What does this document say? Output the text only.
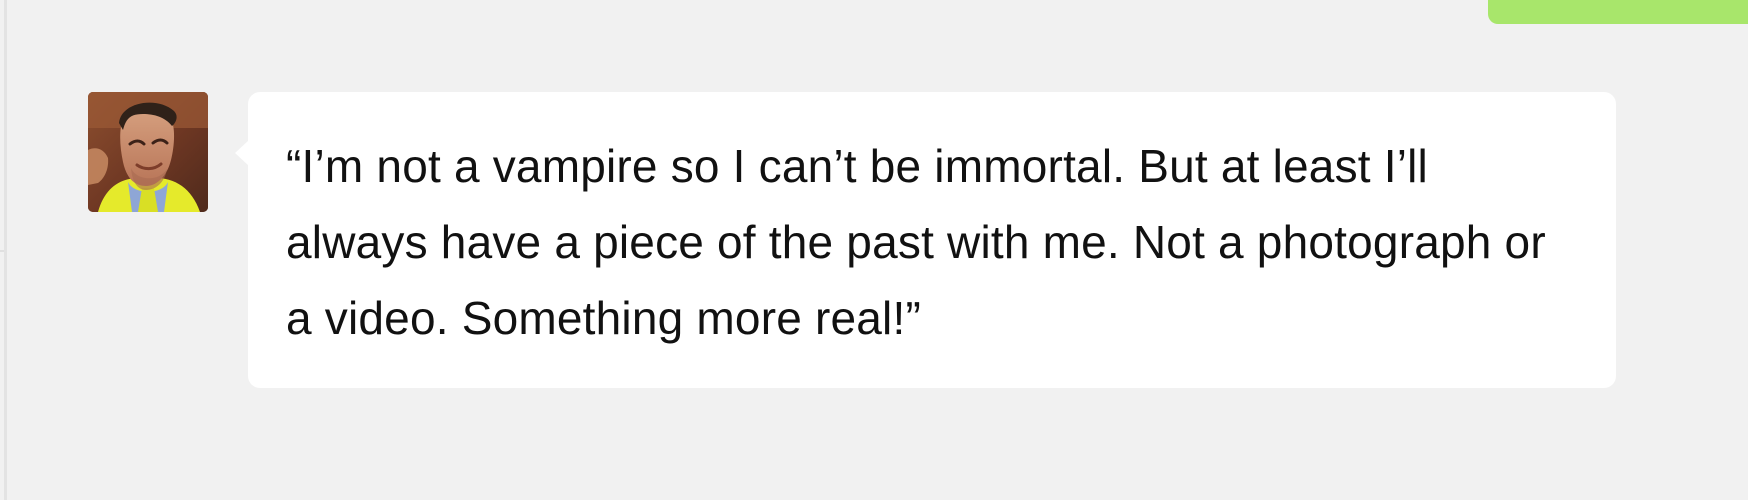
“I’m not a vampire so I can’t be immortal. But at least I’ll always have a piece of the past with me. Not a photograph or a video. Something more real!”
